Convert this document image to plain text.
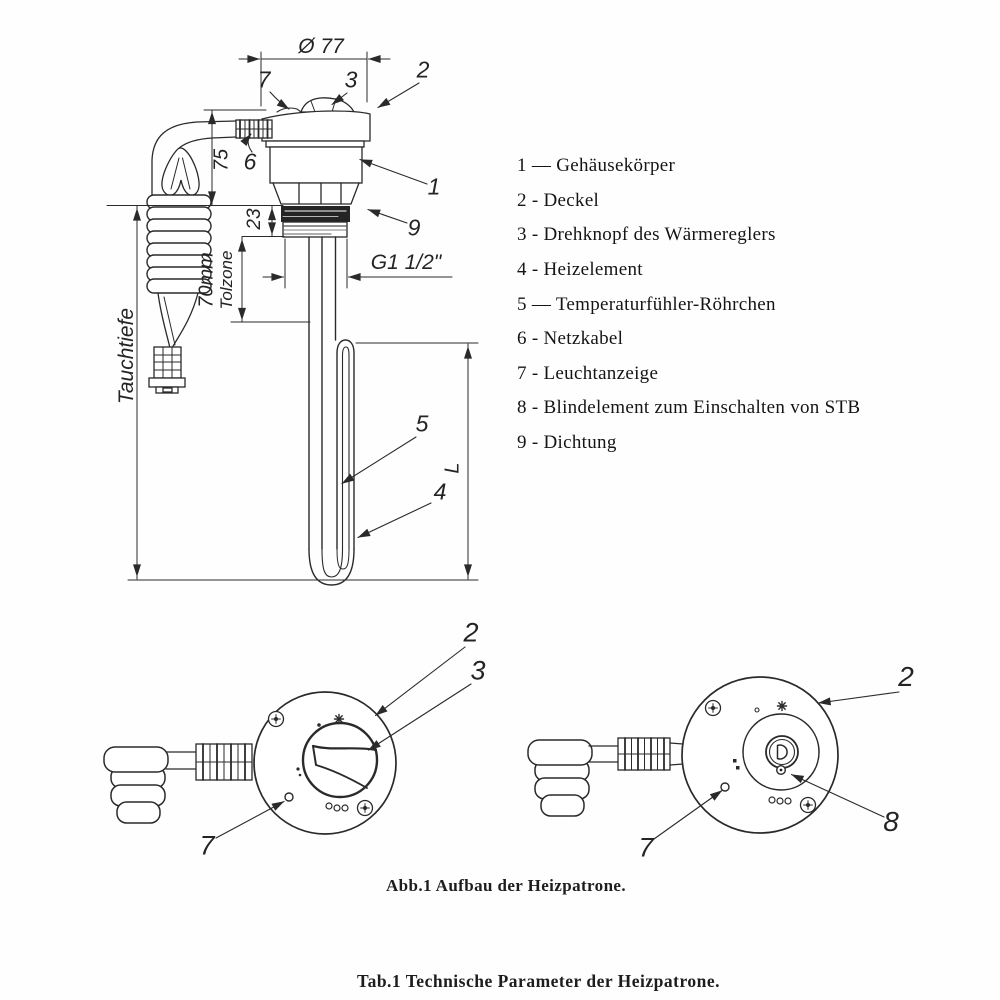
Ø 77
75
23
70mm Tolzone
Tauchtiefe
L
G1 1/2"
7	3	2
6
1
9
5
4
2
3
7
2
8
7
1 — Gehäusekörper
2 - Deckel
3 - Drehknopf des Wärmereglers
4 - Heizelement
5 — Temperaturfühler-Röhrchen
6 - Netzkabel
7 - Leuchtanzeige
8 - Blindelement zum Einschalten von STB
9 - Dichtung
Abb.1 Aufbau der Heizpatrone.
Tab.1 Technische Parameter der Heizpatrone.
